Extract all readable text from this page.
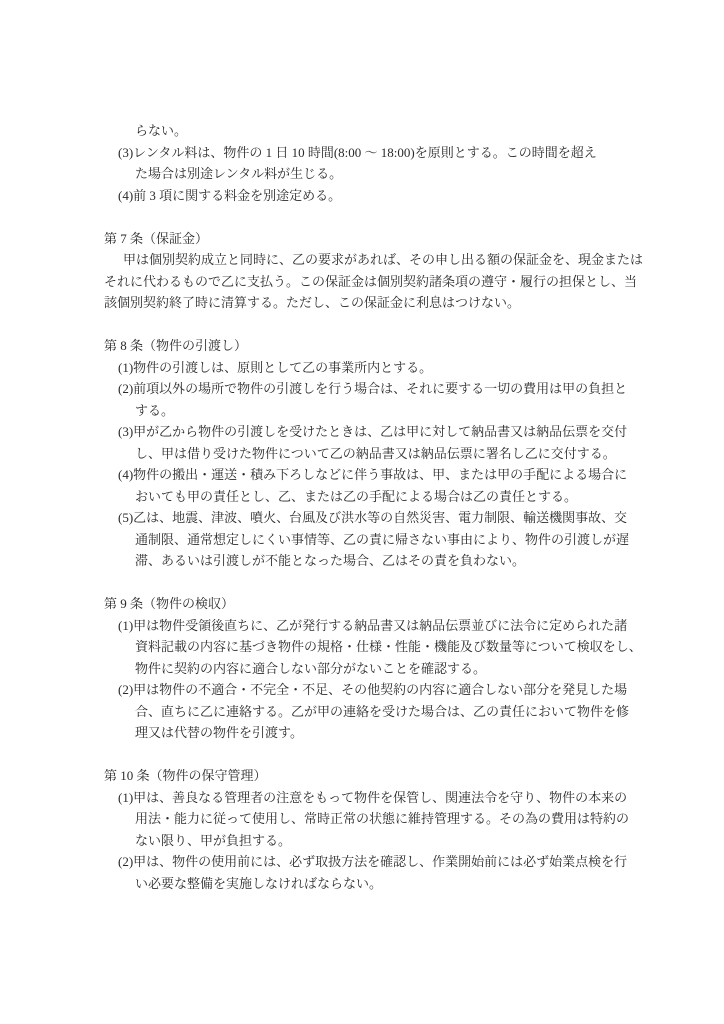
らない。
(3)レンタル料は、物件の 1 日 10 時間(8:00 ～ 18:00)を原則とする。この時間を超え
た場合は別途レンタル料が生じる。
(4)前 3 項に関する料金を別途定める。
第 7 条（保証金）
甲は個別契約成立と同時に、乙の要求があれば、その申し出る額の保証金を、現金または
それに代わるもので乙に支払う。この保証金は個別契約諸条項の遵守・履行の担保とし、当
該個別契約終了時に清算する。ただし、この保証金に利息はつけない。
第 8 条（物件の引渡し）
(1)物件の引渡しは、原則として乙の事業所内とする。
(2)前項以外の場所で物件の引渡しを行う場合は、それに要する一切の費用は甲の負担と
する。
(3)甲が乙から物件の引渡しを受けたときは、乙は甲に対して納品書又は納品伝票を交付
し、甲は借り受けた物件について乙の納品書又は納品伝票に署名し乙に交付する。
(4)物件の搬出・運送・積み下ろしなどに伴う事故は、甲、または甲の手配による場合に
おいても甲の責任とし、乙、または乙の手配による場合は乙の責任とする。
(5)乙は、地震、津波、噴火、台風及び洪水等の自然災害、電力制限、輸送機関事故、交
通制限、通常想定しにくい事情等、乙の責に帰さない事由により、物件の引渡しが遅
滞、あるいは引渡しが不能となった場合、乙はその責を負わない。
第 9 条（物件の検収）
(1)甲は物件受領後直ちに、乙が発行する納品書又は納品伝票並びに法令に定められた諸
資料記載の内容に基づき物件の規格・仕様・性能・機能及び数量等について検収をし、
物件に契約の内容に適合しない部分がないことを確認する。
(2)甲は物件の不適合・不完全・不足、その他契約の内容に適合しない部分を発見した場
合、直ちに乙に連絡する。乙が甲の連絡を受けた場合は、乙の責任において物件を修
理又は代替の物件を引渡す。
第 10 条（物件の保守管理）
(1)甲は、善良なる管理者の注意をもって物件を保管し、関連法令を守り、物件の本来の
用法・能力に従って使用し、常時正常の状態に維持管理する。その為の費用は特約の
ない限り、甲が負担する。
(2)甲は、物件の使用前には、必ず取扱方法を確認し、作業開始前には必ず始業点検を行
い必要な整備を実施しなければならない。
